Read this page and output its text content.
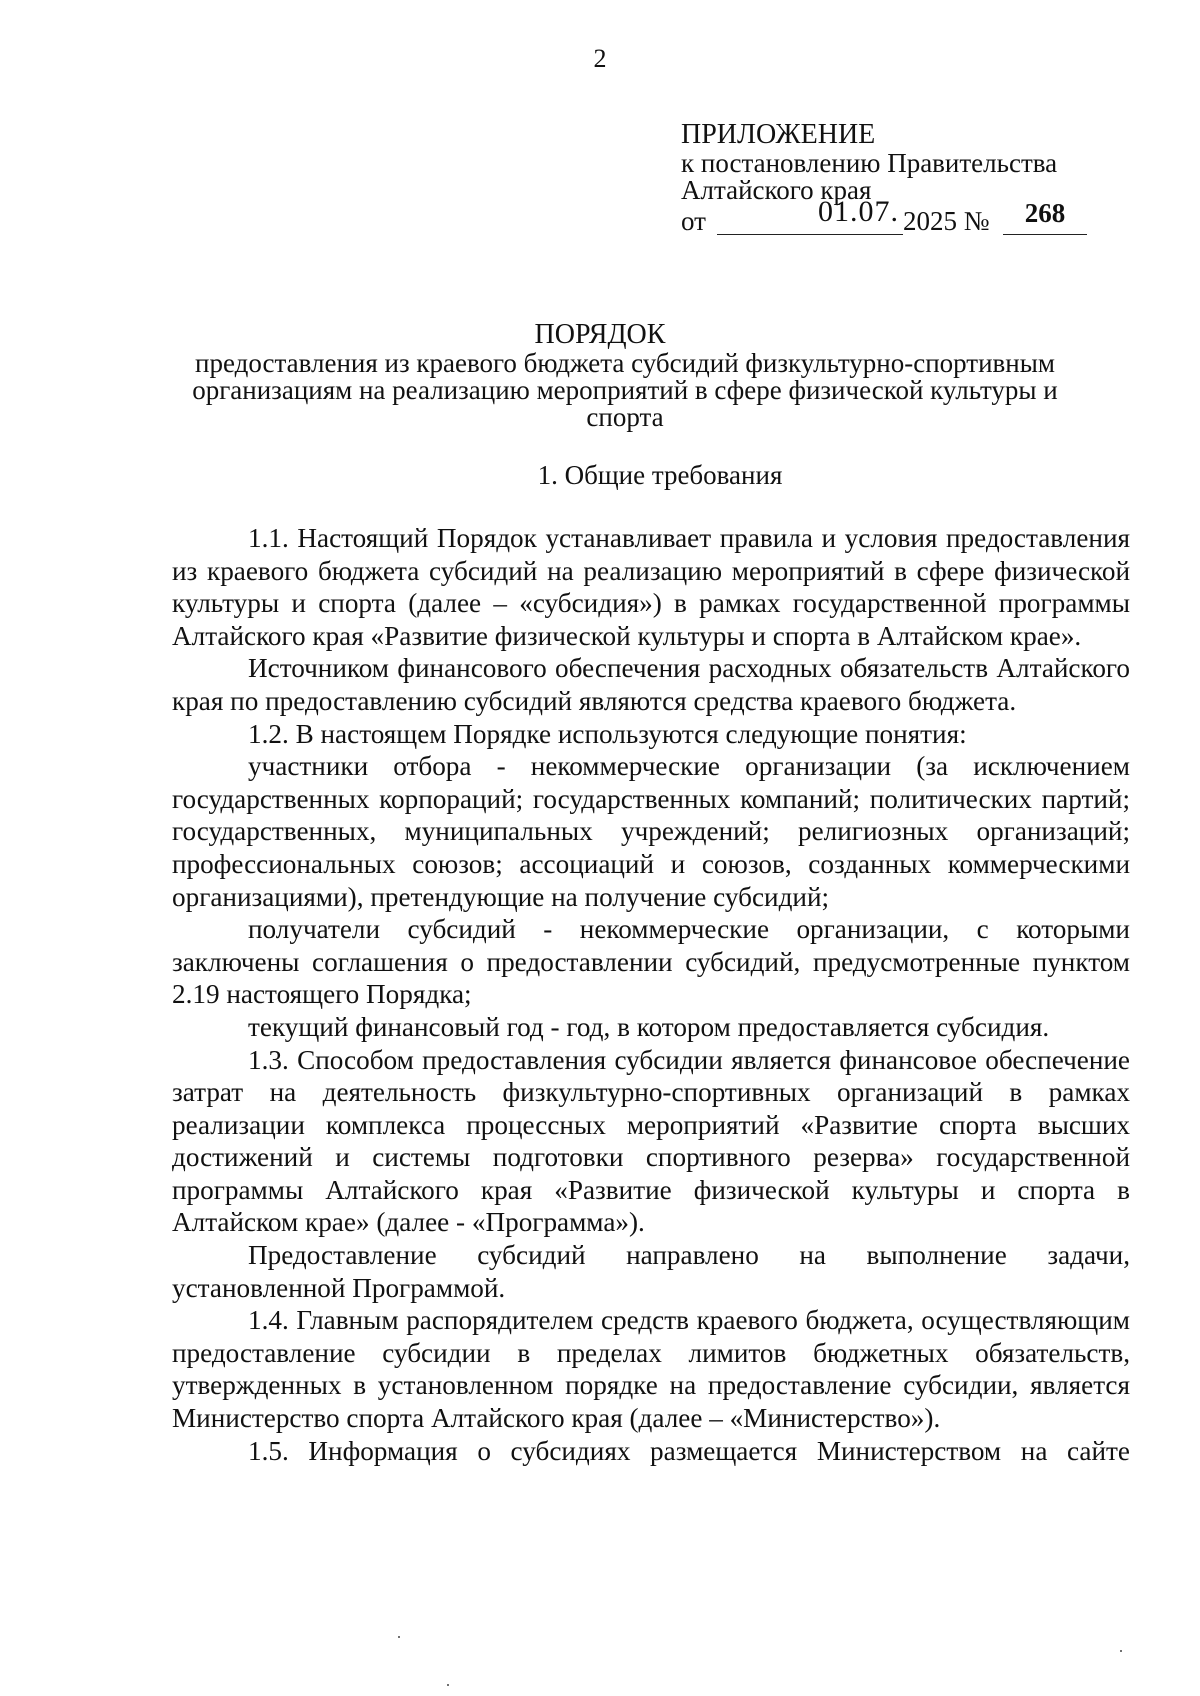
2
ПРИЛОЖЕНИЕ
к постановлению Правительства
Алтайского края
от	01.07. 2025 №	268
ПОРЯДОК
предоставления из краевого бюджета субсидий физкультурно-спортивным организациям на реализацию мероприятий в сфере физической культуры и спорта
1. Общие требования

1.1. Настоящий Порядок устанавливает правила и условия предоставления из краевого бюджета субсидий на реализацию мероприятий в сфере физической культуры и спорта (далее – «субсидия») в рамках государственной программы Алтайского края «Развитие физической культуры и спорта в Алтайском крае».

Источником финансового обеспечения расходных обязательств Алтайского края по предоставлению субсидий являются средства краевого бюджета.

1.2. В настоящем Порядке используются следующие понятия:

участники отбора - некоммерческие организации (за исключением государственных корпораций; государственных компаний; политических партий; государственных, муниципальных учреждений; религиозных организаций; профессиональных союзов; ассоциаций и союзов, созданных коммерческими организациями), претендующие на получение субсидий;

получатели субсидий - некоммерческие организации, с которыми заключены соглашения о предоставлении субсидий, предусмотренные пунктом 2.19 настоящего Порядка;

текущий финансовый год - год, в котором предоставляется субсидия.

1.3. Способом предоставления субсидии является финансовое обеспечение затрат на деятельность физкультурно-спортивных организаций в рамках реализации комплекса процессных мероприятий «Развитие спорта высших достижений и системы подготовки спортивного резерва» государственной программы Алтайского края «Развитие физической культуры и спорта в Алтайском крае» (далее - «Программа»).

Предоставление субсидий направлено на выполнение задачи, установленной Программой.

1.4. Главным распорядителем средств краевого бюджета, осуществляющим предоставление субсидии в пределах лимитов бюджетных обязательств, утвержденных в установленном порядке на предоставление субсидии, является Министерство спорта Алтайского края (далее – «Министерство»).

1.5. Информация о субсидиях размещается Министерством на сайте
